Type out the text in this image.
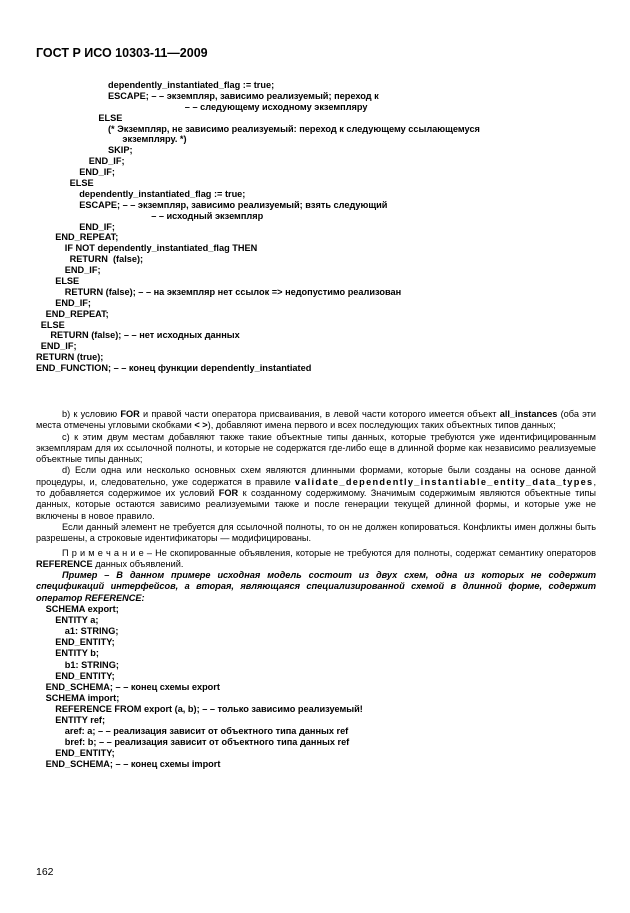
ГОСТ Р ИСО 10303-11—2009
dependently_instantiated_flag := true;
ESCAPE; – – экземпляр, зависимо реализуемый; переход к
– – следующему исходному экземпляру
ELSE
(* Экземпляр, не зависимо реализуемый: переход к следующему ссылающемуся
экземпляру. *)
SKIP;
END_IF;
END_IF;
ELSE
dependently_instantiated_flag := true;
ESCAPE; – – экземпляр, зависимо реализуемый; взять следующий
– – исходный экземпляр
END_IF;
END_REPEAT;
IF NOT dependently_instantiated_flag THEN
RETURN  (false);
END_IF;
ELSE
RETURN (false); – – на экземпляр нет ссылок => недопустимо реализован
END_IF;
END_REPEAT;
ELSE
RETURN (false); – – нет исходных данных
END_IF;
RETURN (true);
END_FUNCTION; – – конец функции dependently_instantiated

b) к условию FOR и правой части оператора присваивания, в левой части которого имеется объект all_instances (оба эти места отмечены угловыми скобками < >), добавляют имена первого и всех последующих таких объектных типов данных;

c) к этим двум местам добавляют также такие объектные типы данных, которые требуются уже идентифицированным экземплярам для их ссылочной полноты, и которые не содержатся где-либо еще в длинной форме как независимо реализуемые объектные типы данных;

d) Если одна или несколько основных схем являются длинными формами, которые были созданы на основе данной процедуры, и, следовательно, уже содержатся в правиле validate_dependently_instantiable_entity_data_types, то добавляется содержимое их условий FOR к созданному содержимому. Значимым содержимым являются объектные типы данных, которые остаются зависимо реализуемыми также и после генерации текущей длинной формы, и которые уже не включены в новое правило.

Если данный элемент не требуется для ссылочной полноты, то он не должен копироваться. Конфликты имен должны быть разрешены, а строковые идентификаторы — модифицированы.

П р и м е ч а н и е – Не скопированные объявления, которые не требуются для полноты, содержат семантику операторов REFERENCE данных объявлений.

Пример – В данном примере исходная модель состоит из двух схем, одна из которых не содержит спецификаций интерфейсов, а вторая, являющаяся специализированной схемой в длинной форме, содержит оператор REFERENCE:

SCHEMA export;
ENTITY a;
a1: STRING;
END_ENTITY;
ENTITY b;
b1: STRING;
END_ENTITY;
END_SCHEMA; – – конец схемы export
SCHEMA import;
REFERENCE FROM export (a, b); – – только зависимо реализуемый!
ENTITY ref;
aref: a; – – реализация зависит от объектного типа данных ref
bref: b; – – реализация зависит от объектного типа данных ref
END_ENTITY;
END_SCHEMA; – – конец схемы import
162
